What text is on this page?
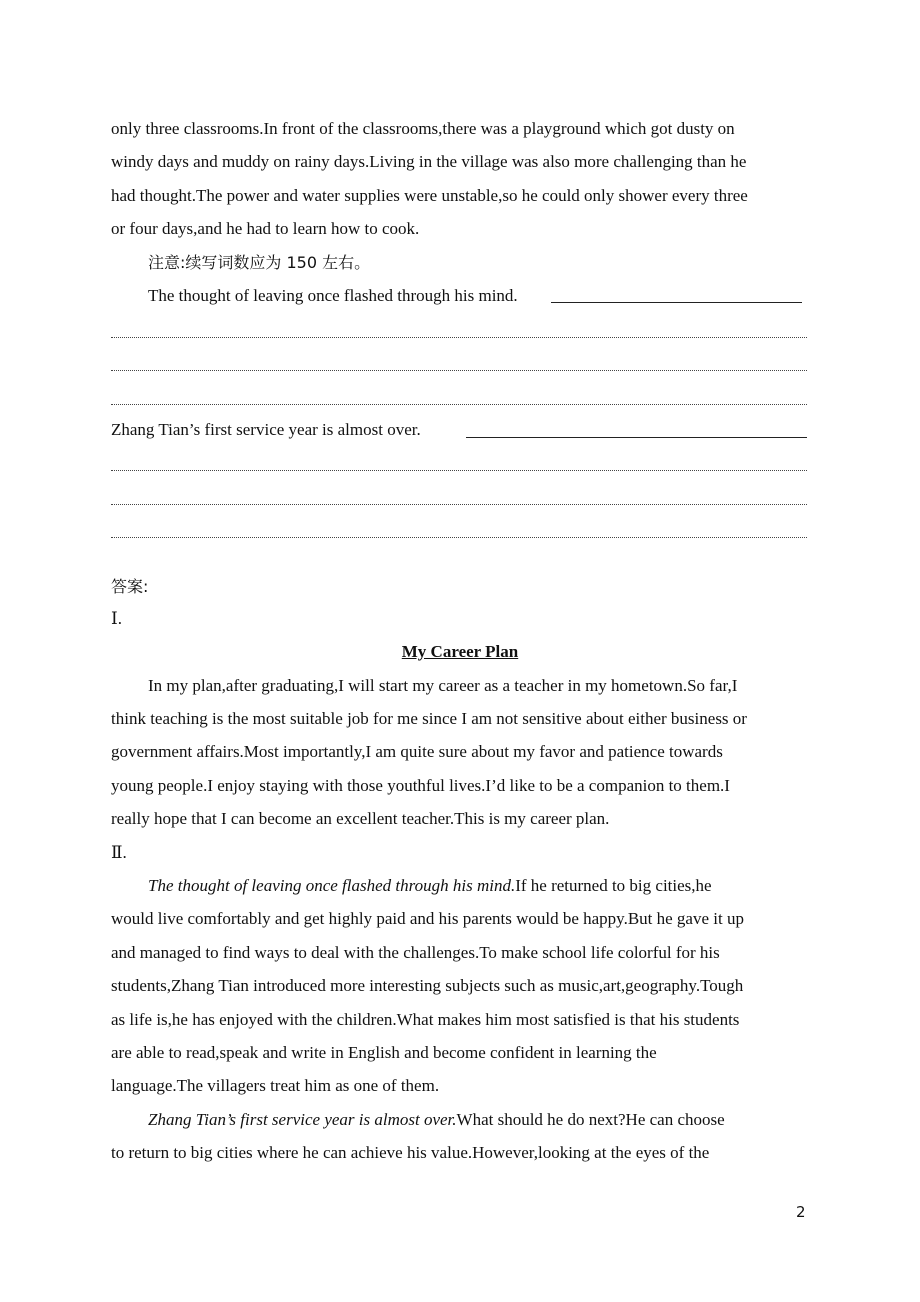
only three classrooms.In front of the classrooms,there was a playground which got dusty on
windy days and muddy on rainy days.Living in the village was also more challenging than he
had thought.The power and water supplies were unstable,so he could only shower every three
or four days,and he had to learn how to cook.
注意:续写词数应为 150 左右。
The thought of leaving once flashed through his mind.
Zhang Tian’s first service year is almost over.
答案:
Ⅰ.
My Career Plan
In my plan,after graduating,I will start my career as a teacher in my hometown.So far,I
think teaching is the most suitable job for me since I am not sensitive about either business or
government affairs.Most importantly,I am quite sure about my favor and patience towards
young people.I enjoy staying with those youthful lives.I’d like to be a companion to them.I
really hope that I can become an excellent teacher.This is my career plan.
Ⅱ.
The thought of leaving once flashed through his mind.If he returned to big cities,he
would live comfortably and get highly paid and his parents would be happy.But he gave it up
and managed to find ways to deal with the challenges.To make school life colorful for his
students,Zhang Tian introduced more interesting subjects such as music,art,geography.Tough
as life is,he has enjoyed with the children.What makes him most satisfied is that his students
are able to read,speak and write in English and become confident in learning the
language.The villagers treat him as one of them.
Zhang Tian’s first service year is almost over.What should he do next?He can choose
to return to big cities where he can achieve his value.However,looking at the eyes of the
2
